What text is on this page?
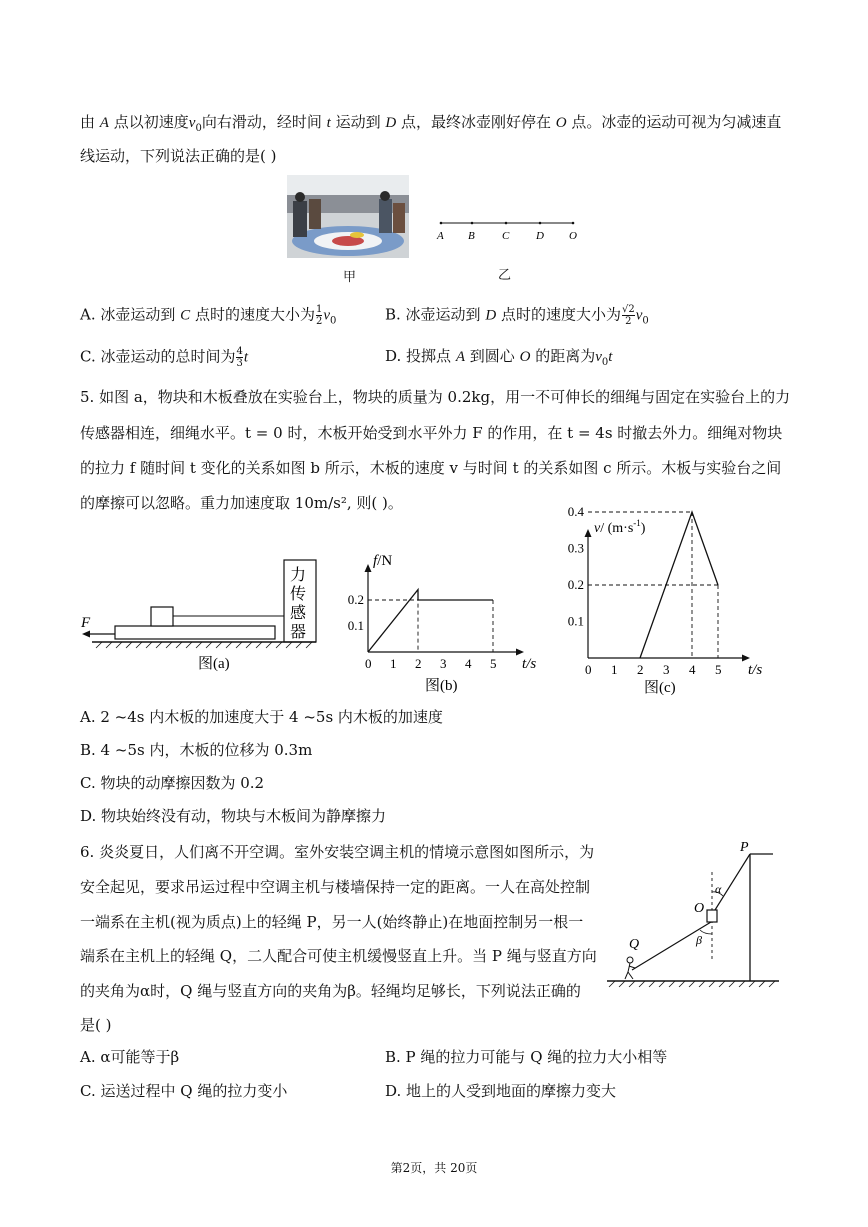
由 A 点以初速度$v_0$向右滑动，经时间 t 运动到 D 点，最终冰壶刚好停在 O 点。冰壶的运动可视为匀减速直
线运动，下列说法正确的是( )
甲
A B C D O
乙
A. 冰壶运动到 C 点时的速度大小为 $\frac{1}{2} v_0$	B. 冰壶运动到 D 点时的速度大小为 $\frac{√2}{2} v_0$
C. 冰壶运动的总时间为 $\frac{4}{3}$ t	D. 投掷点 A 到圆心 O 的距离为$v_0t$
5. 如图 a，物块和木板叠放在实验台上，物块的质量为 0.2kg，用一不可伸长的细绳与固定在实验台上的力
传感器相连，细绳水平。t = 0 时，木板开始受到水平外力 F 的作用，在 t = 4s 时撤去外力。细绳对物块
的拉力 f 随时间 t 变化的关系如图 b 所示，木板的速度 v 与时间 t 的关系如图 c 所示。木板与实验台之间
的摩擦可以忽略。重力加速度取 10m/s², 则( )。
力
传
感
器
F
图(a)
f/N
t/s
0 1 2 3 4 5
0.1
0.2
图(b)
v/ $(m\cdot s^{-1})$
t/s
0 1 2 3 4 5
0.1
0.2
0.3
0.4
图(c)
A. 2 ~4s 内木板的加速度大于 4 ~5s 内木板的加速度
B. 4 ~5s 内，木板的位移为 0.3m
C. 物块的动摩擦因数为 0.2
D. 物块始终没有动，物块与木板间为静摩擦力
6. 炎炎夏日，人们离不开空调。室外安装空调主机的情境示意图如图所示，为
安全起见，要求吊运过程中空调主机与楼墙保持一定的距离。一人在高处控制
一端系在主机(视为质点)上的轻绳 P，另一人(始终静止)在地面控制另一根一
端系在主机上的轻绳 Q，二人配合可使主机缓慢竖直上升。当 P 绳与竖直方向
的夹角为α时，Q 绳与竖直方向的夹角为β。轻绳均足够长，下列说法正确的
是( )
P
O
Q
α
β
A. α可能等于β	B. P 绳的拉力可能与 Q 绳的拉力大小相等
C. 运送过程中 Q 绳的拉力变小	D. 地上的人受到地面的摩擦力变大
第2页，共 20页
